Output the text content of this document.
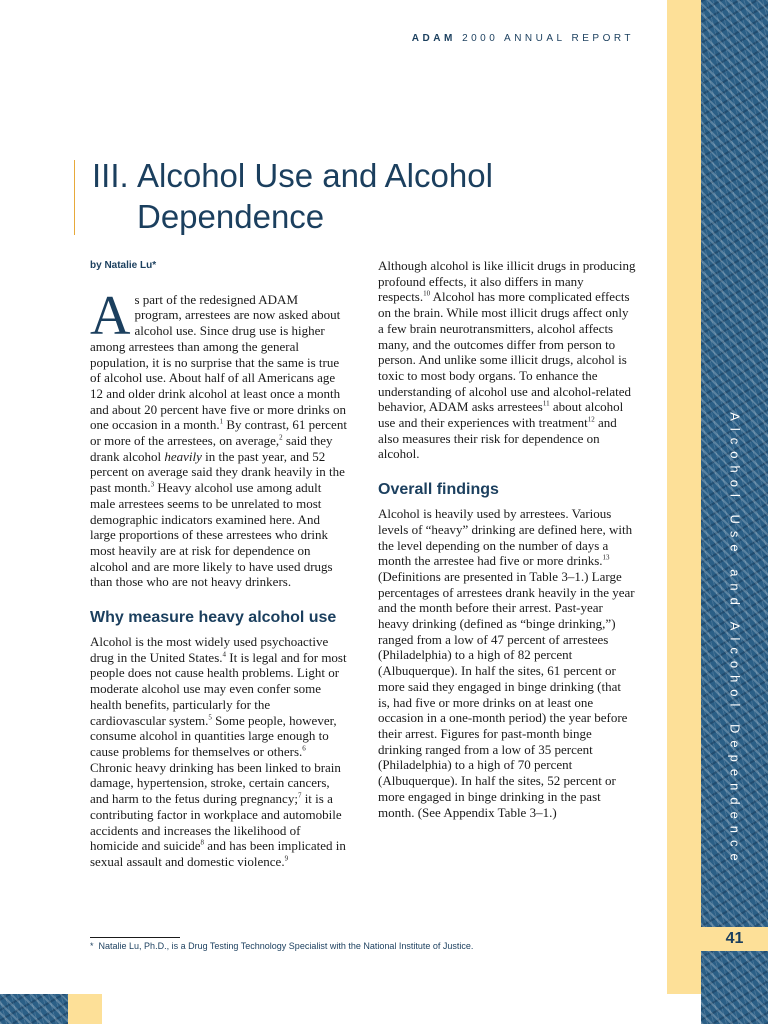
Alcohol Use and Alcohol Dependence
41
ADAM 2000 ANNUAL REPORT
III. Alcohol Use and Alcohol
Dependence

by Natalie Lu*

As part of the redesigned ADAM program, arrestees are now asked about alcohol use. Since drug use is higher among arrestees than among the general population, it is no surprise that the same is true of alcohol use. About half of all Americans age 12 and older drink alcohol at least once a month and about 20 percent have five or more drinks on one occasion in a month.$^1$ By contrast, 61 percent or more of the arrestees, on average,$^2$ said they drank alcohol heavily in the past year, and 52 percent on average said they drank heavily in the past month.$^3$ Heavy alcohol use among adult male arrestees seems to be unrelated to most demographic indicators examined here. And large proportions of these arrestees who drink most heavily are at risk for dependence on alcohol and are more likely to have used drugs than those who are not heavy drinkers.

Why measure heavy alcohol use

Alcohol is the most widely used psychoactive drug in the United States.$^4$ It is legal and for most people does not cause health problems. Light or moderate alcohol use may even confer some health benefits, particularly for the cardiovascular system.$^5$ Some people, however, consume alcohol in quantities large enough to cause problems for themselves or others.$^6$ Chronic heavy drinking has been linked to brain damage, hypertension, stroke, certain cancers, and harm to the fetus during pregnancy;$^7$ it is a contributing factor in workplace and automobile accidents and increases the likelihood of homicide and suicide$^8$ and has been implicated in sexual assault and domestic violence.$^9$

Although alcohol is like illicit drugs in producing profound effects, it also differs in many respects.$^{10}$ Alcohol has more complicated effects on the brain. While most illicit drugs affect only a few brain neurotransmitters, alcohol affects many, and the outcomes differ from person to person. And unlike some illicit drugs, alcohol is toxic to most body organs. To enhance the understanding of alcohol use and alcohol-related behavior, ADAM asks arrestees$^{11}$ about alcohol use and their experiences with treatment$^{12}$ and also measures their risk for dependence on alcohol.

Overall findings

Alcohol is heavily used by arrestees. Various levels of “heavy” drinking are defined here, with the level depending on the number of days a month the arrestee had five or more drinks.$^{13}$ (Definitions are presented in Table 3–1.) Large percentages of arrestees drank heavily in the year and the month before their arrest. Past-year heavy drinking (defined as “binge drinking,”) ranged from a low of 47 percent of arrestees (Philadelphia) to a high of 82 percent (Albuquerque). In half the sites, 61 percent or more said they engaged in binge drinking (that is, had five or more drinks on at least one occasion in a one-month period) the year before their arrest. Figures for past-month binge drinking ranged from a low of 35 percent (Philadelphia) to a high of 70 percent (Albuquerque). In half the sites, 52 percent or more engaged in binge drinking in the past month. (See Appendix Table 3–1.)

* Natalie Lu, Ph.D., is a Drug Testing Technology Specialist with the National Institute of Justice.
